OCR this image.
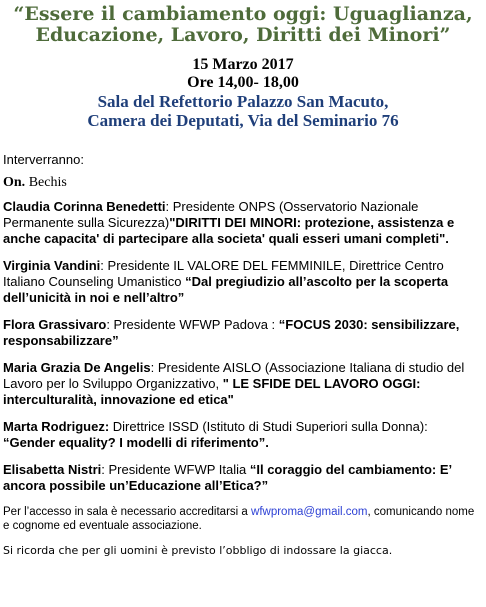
“Essere il cambiamento oggi: Uguaglianza, Educazione, Lavoro, Diritti dei Minori”
15 Marzo 2017
Ore 14,00- 18,00
Sala del Refettorio Palazzo San Macuto,
Camera dei Deputati, Via del Seminario 76

Interverranno:

On. Bechis

Claudia Corinna Benedetti: Presidente ONPS (Osservatorio Nazionale Permanente sulla Sicurezza)"DIRITTI DEI MINORI: protezione, assistenza e anche capacita' di partecipare alla societa' quali esseri umani completi".

Virginia Vandini: Presidente IL VALORE DEL FEMMINILE, Direttrice Centro Italiano Counseling Umanistico “Dal pregiudizio all’ascolto per la scoperta dell’unicità in noi e nell’altro”

Flora Grassivaro: Presidente WFWP Padova : “FOCUS 2030: sensibilizzare, responsabilizzare”

Maria Grazia De Angelis: Presidente AISLO (Associazione Italiana di studio del Lavoro per lo Sviluppo Organizzativo, " LE SFIDE DEL LAVORO OGGI: interculturalità, innovazione ed etica"

Marta Rodriguez: Direttrice ISSD (Istituto di Studi Superiori sulla Donna): “Gender equality? I modelli di riferimento”.

Elisabetta Nistri: Presidente WFWP Italia “Il coraggio del cambiamento: E’ ancora possibile un’Educazione all’Etica?”

Per l’accesso in sala è necessario accreditarsi a wfwproma@gmail.com, comunicando nome e cognome ed eventuale associazione.

Si ricorda che per gli uomini è previsto l’obbligo di indossare la giacca.
